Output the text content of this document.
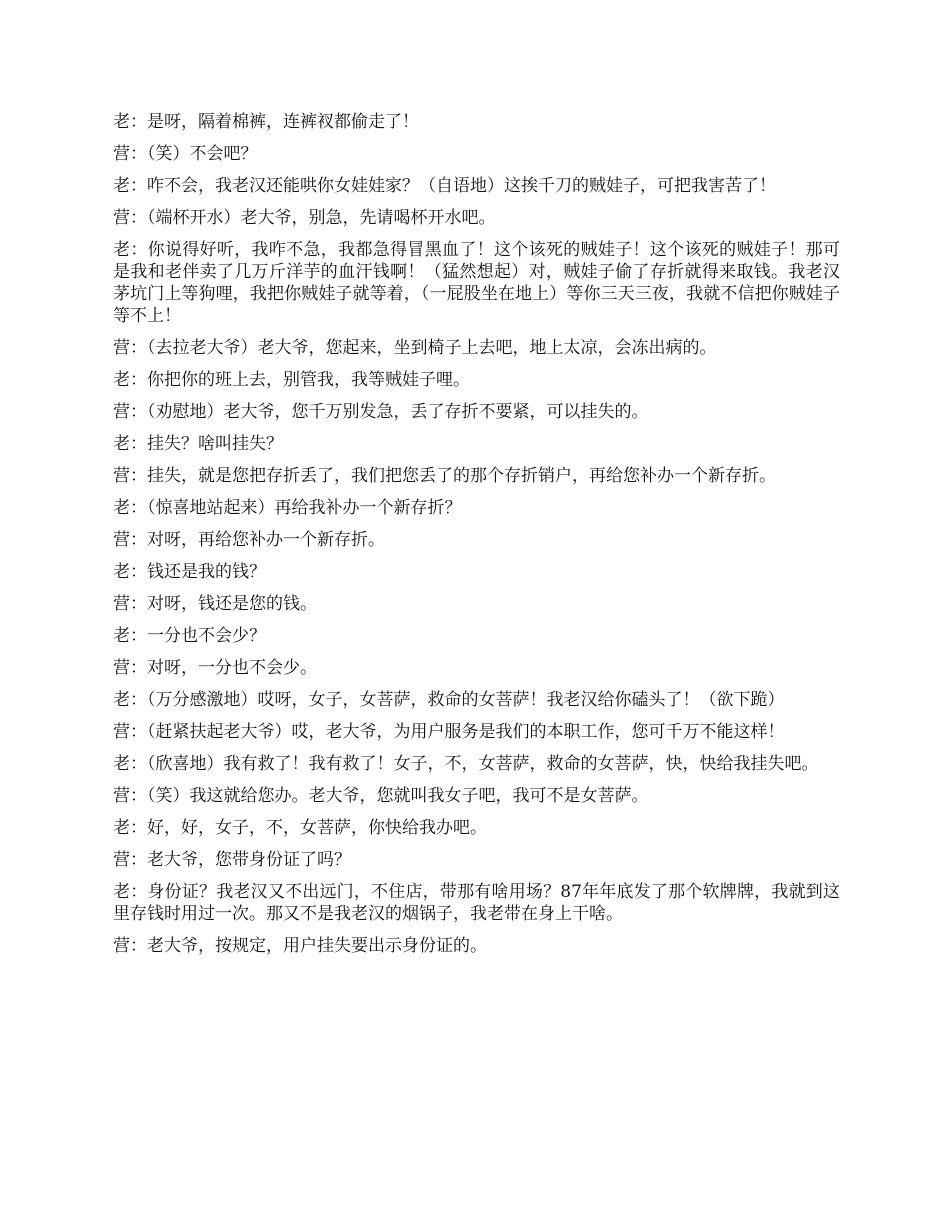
老：是呀，隔着棉裤，连裤衩都偷走了！

营：（笑）不会吧？

老：咋不会，我老汉还能哄你女娃娃家？（自语地）这挨千刀的贼娃子，可把我害苦了！

营：（端杯开水）老大爷，别急，先请喝杯开水吧。

老：你说得好听，我咋不急，我都急得冒黑血了！这个该死的贼娃子！这个该死的贼娃子！那可是我和老伴卖了几万斤洋芋的血汗钱啊！（猛然想起）对，贼娃子偷了存折就得来取钱。我老汉茅坑门上等狗哩，我把你贼娃子就等着，（一屁股坐在地上）等你三天三夜，我就不信把你贼娃子等不上！

营：（去拉老大爷）老大爷，您起来，坐到椅子上去吧，地上太凉，会冻出病的。

老：你把你的班上去，别管我，我等贼娃子哩。

营：（劝慰地）老大爷，您千万别发急，丢了存折不要紧，可以挂失的。

老：挂失？啥叫挂失？

营：挂失，就是您把存折丢了，我们把您丢了的那个存折销户，再给您补办一个新存折。

老：（惊喜地站起来）再给我补办一个新存折？

营：对呀，再给您补办一个新存折。

老：钱还是我的钱？

营：对呀，钱还是您的钱。

老：一分也不会少？

营：对呀，一分也不会少。

老：（万分感激地）哎呀，女子，女菩萨，救命的女菩萨！我老汉给你磕头了！（欲下跪）

营：（赶紧扶起老大爷）哎，老大爷，为用户服务是我们的本职工作，您可千万不能这样！

老：（欣喜地）我有救了！我有救了！女子，不，女菩萨，救命的女菩萨，快，快给我挂失吧。

营：（笑）我这就给您办。老大爷，您就叫我女子吧，我可不是女菩萨。

老：好，好，女子，不，女菩萨，你快给我办吧。

营：老大爷，您带身份证了吗？

老：身份证？我老汉又不出远门，不住店，带那有啥用场？87年年底发了那个软牌牌，我就到这里存钱时用过一次。那又不是我老汉的烟锅子，我老带在身上干啥。

营：老大爷，按规定，用户挂失要出示身份证的。
